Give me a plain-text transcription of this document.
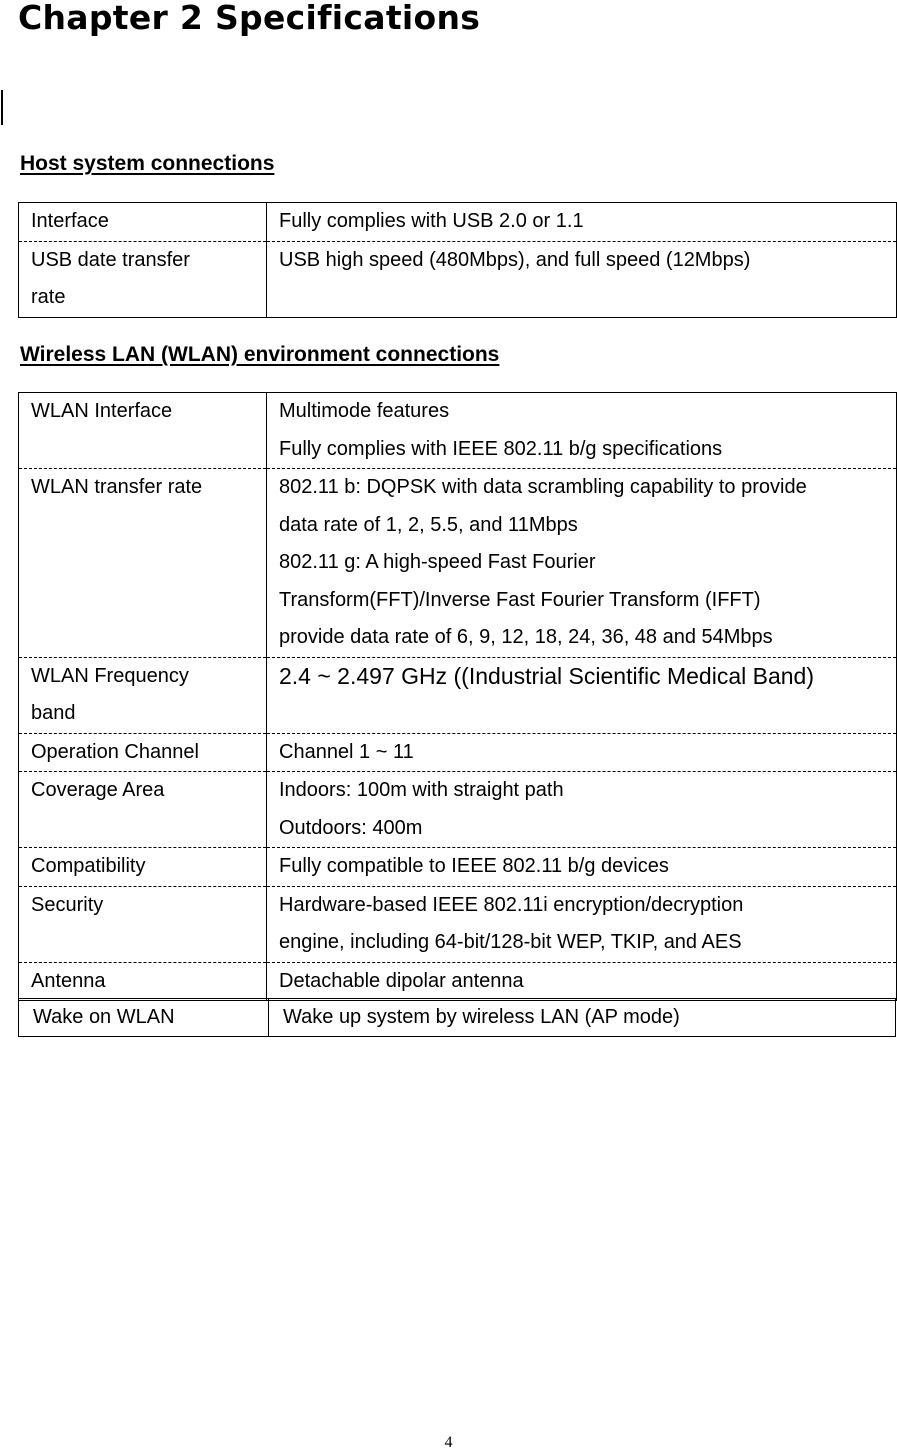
Chapter 2 Specifications
Host system connections
Interface	Fully complies with USB 2.0 or 1.1

USB date transfer
rate	USB high speed (480Mbps), and full speed (12Mbps)
Wireless LAN (WLAN) environment connections
WLAN Interface	Multimode features
Fully complies with IEEE 802.11 b/g specifications

WLAN transfer rate	802.11 b: DQPSK with data scrambling capability to provide
data rate of 1, 2, 5.5, and 11Mbps
802.11 g: A high-speed Fast Fourier
Transform(FFT)/Inverse Fast Fourier Transform (IFFT)
provide data rate of 6, 9, 12, 18, 24, 36, 48 and 54Mbps

WLAN Frequency
band	2.4 ~ 2.497 GHz ((Industrial Scientific Medical Band)

Operation Channel	Channel 1 ~ 11

Coverage Area	Indoors: 100m with straight path
Outdoors: 400m

Compatibility	Fully compatible to IEEE 802.11 b/g devices

Security	Hardware-based IEEE 802.11i encryption/decryption
engine, including 64-bit/128-bit WEP, TKIP, and AES

Antenna	Detachable dipolar antenna
Wake on WLAN	Wake up system by wireless LAN (AP mode)
4
